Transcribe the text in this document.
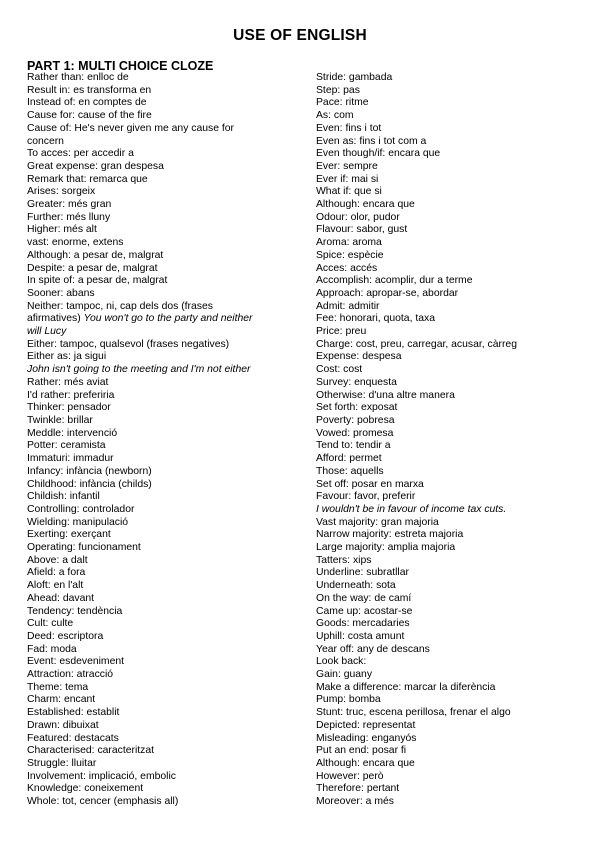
USE OF ENGLISH
PART 1: MULTI CHOICE CLOZE
Rather than: enlloc de
Result in: es transforma en
Instead of: en comptes de
Cause for: cause of the fire
Cause of: He's never given me any cause for
concern
To acces: per accedir a
Great expense: gran despesa
Remark that: remarca que
Arises: sorgeix
Greater: més gran
Further: més lluny
Higher: més alt
vast: enorme, extens
Although: a pesar de, malgrat
Despite: a pesar de, malgrat
In spite of: a pesar de, malgrat
Sooner: abans
Neither: tampoc, ni, cap dels dos (frases
afirmatives) You won't go to the party and neither
will Lucy
Either: tampoc, qualsevol (frases negatives)
Either as: ja sigui
John isn't going to the meeting and I'm not either
Rather: més aviat
I'd rather: preferiria
Thinker: pensador
Twinkle: brillar
Meddle: intervenció
Potter: ceramista
Immaturi: immadur
Infancy: infància (newborn)
Childhood: infància (childs)
Childish: infantil
Controlling: controlador
Wielding: manipulació
Exerting: exerçant
Operating: funcionament
Above: a dalt
Afield: a fora
Aloft: en l'alt
Ahead: davant
Tendency: tendència
Cult: culte
Deed: escriptora
Fad: moda
Event: esdeveniment
Attraction: atracció
Theme: tema
Charm: encant
Established: establit
Drawn: dibuixat
Featured: destacats
Characterised: caracteritzat
Struggle: lluitar
Involvement: implicació, embolic
Knowledge: coneixement
Whole: tot, cencer (emphasis all)
Stride: gambada
Step: pas
Pace: ritme
As: com
Even: fins i tot
Even as: fins i tot com a
Even though/if: encara que
Ever: sempre
Ever if: mai si
What if: que si
Although: encara que
Odour: olor, pudor
Flavour: sabor, gust
Aroma: aroma
Spice: espècie
Acces: accés
Accomplish: acomplir, dur a terme
Approach: apropar-se, abordar
Admit: admitir
Fee: honorari, quota, taxa
Price: preu
Charge: cost, preu, carregar, acusar, càrreg
Expense: despesa
Cost: cost
Survey: enquesta
Otherwise: d'una altre manera
Set forth: exposat
Poverty: pobresa
Vowed: promesa
Tend to: tendir a
Afford: permet
Those: aquells
Set off: posar en marxa
Favour: favor, preferir
I wouldn't be in favour of income tax cuts.
Vast majority: gran majoria
Narrow majority: estreta majoria
Large majority: amplia majoria
Tatters: xips
Underline: subratllar
Underneath: sota
On the way: de camí
Came up: acostar-se
Goods: mercadaries
Uphill: costa amunt
Year off: any de descans
Look back:
Gain: guany
Make a difference: marcar la diferència
Pump: bomba
Stunt: truc, escena perillosa, frenar el algo
Depicted: representat
Misleading: enganyós
Put an end: posar fi
Although: encara que
However: però
Therefore: pertant
Moreover: a més
